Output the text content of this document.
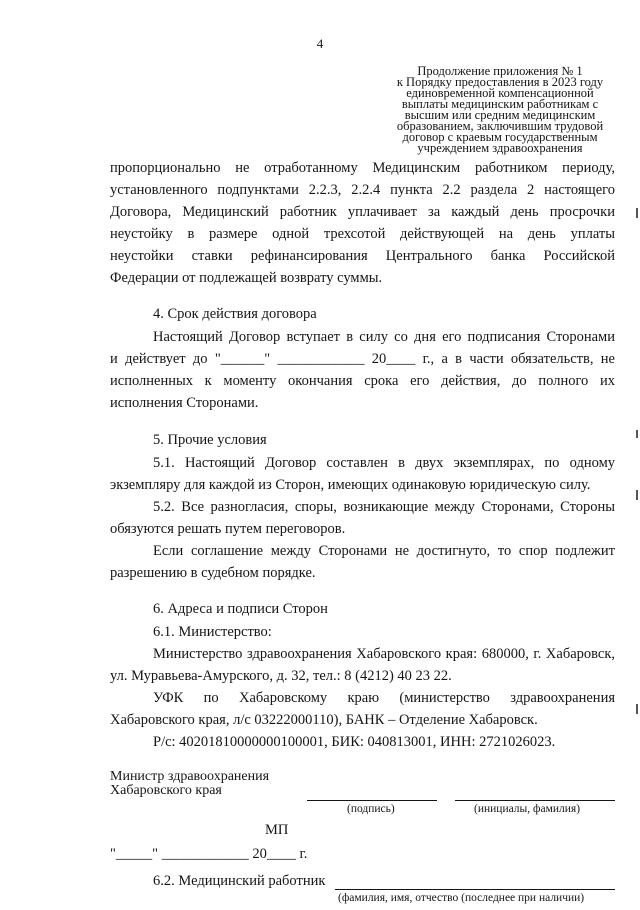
4
Продолжение приложения № 1
к Порядку предоставления в 2023 году
единовременной компенсационной
выплаты медицинским работникам с
высшим или средним медицинским
образованием, заключившим трудовой
договор с краевым государственным
учреждением здравоохранения
пропорционально не отработанному Медицинским работником периоду,
установленного подпунктами 2.2.3, 2.2.4 пункта 2.2 раздела 2 настоящего
Договора, Медицинский работник уплачивает за каждый день просрочки
неустойку в размере одной трехсотой действующей на день уплаты
неустойки ставки рефинансирования Центрального банка Российской
Федерации от подлежащей возврату суммы.
4. Срок действия договора
Настоящий Договор вступает в силу со дня его подписания Сторонами
и действует до "______" ____________ 20____ г., а в части обязательств, не
исполненных к моменту окончания срока его действия, до полного их
исполнения Сторонами.
5. Прочие условия
5.1. Настоящий Договор составлен в двух экземплярах, по одному
экземпляру для каждой из Сторон, имеющих одинаковую юридическую силу.
5.2. Все разногласия, споры, возникающие между Сторонами, Стороны
обязуются решать путем переговоров.
Если соглашение между Сторонами не достигнуто, то спор подлежит
разрешению в судебном порядке.
6. Адреса и подписи Сторон
6.1. Министерство:
Министерство здравоохранения Хабаровского края: 680000, г. Хабаровск,
ул. Муравьева-Амурского, д. 32, тел.: 8 (4212) 40 23 22.
УФК по Хабаровскому краю (министерство здравоохранения
Хабаровского края, л/с 03222000110), БАНК – Отделение Хабаровск.
Р/с: 40201810000000100001, БИК: 040813001, ИНН: 2721026023.
Министр здравоохранения
Хабаровского края
(подпись)	(инициалы, фамилия)
МП
"_____" ____________ 20____ г.
6.2. Медицинский работник
(фамилия, имя, отчество (последнее при наличии)
